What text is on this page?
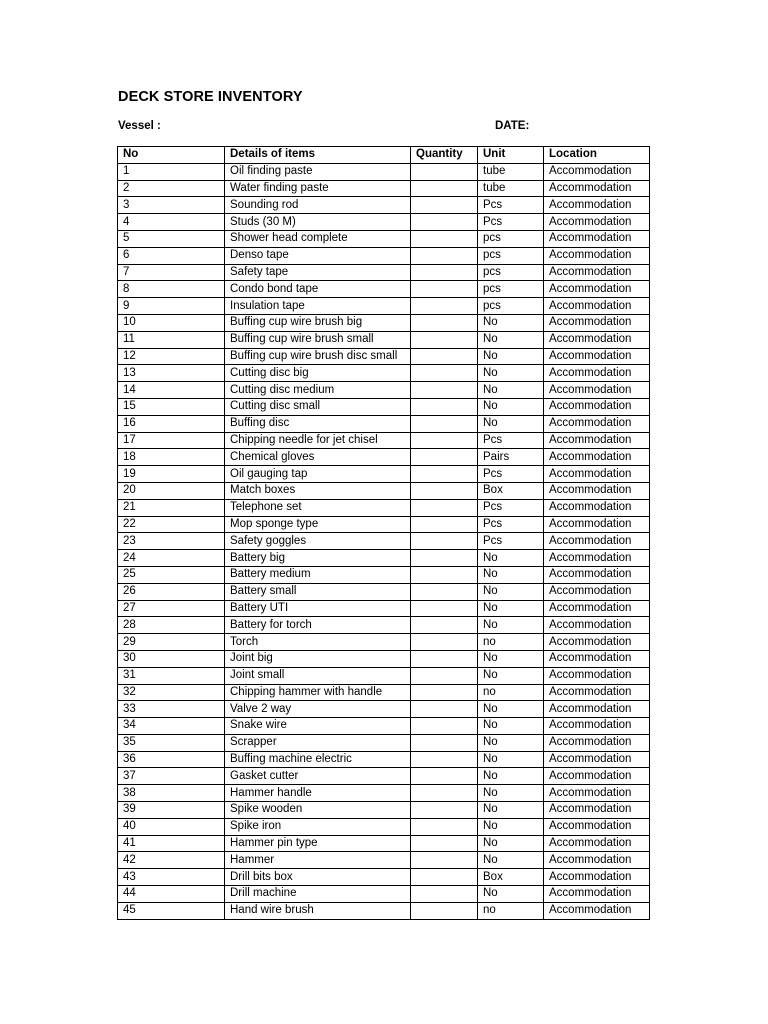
DECK STORE INVENTORY
Vessel :	DATE:
No	Details of items	Quantity	Unit	Location
1	Oil finding paste		tube	Accommodation
2	Water finding paste		tube	Accommodation
3	Sounding rod		Pcs	Accommodation
4	Studs (30 M)		Pcs	Accommodation
5	Shower head complete		pcs	Accommodation
6	Denso tape		pcs	Accommodation
7	Safety tape		pcs	Accommodation
8	Condo bond tape		pcs	Accommodation
9	Insulation tape		pcs	Accommodation
10	Buffing cup wire brush big		No	Accommodation
11	Buffing cup wire brush small		No	Accommodation
12	Buffing cup wire brush disc small		No	Accommodation
13	Cutting disc big		No	Accommodation
14	Cutting disc medium		No	Accommodation
15	Cutting disc small		No	Accommodation
16	Buffing disc		No	Accommodation
17	Chipping needle for jet chisel		Pcs	Accommodation
18	Chemical gloves		Pairs	Accommodation
19	Oil gauging tap		Pcs	Accommodation
20	Match boxes		Box	Accommodation
21	Telephone set		Pcs	Accommodation
22	Mop sponge type		Pcs	Accommodation
23	Safety goggles		Pcs	Accommodation
24	Battery big		No	Accommodation
25	Battery medium		No	Accommodation
26	Battery small		No	Accommodation
27	Battery UTI		No	Accommodation
28	Battery for torch		No	Accommodation
29	Torch		no	Accommodation
30	Joint big		No	Accommodation
31	Joint small		No	Accommodation
32	Chipping hammer with handle		no	Accommodation
33	Valve 2 way		No	Accommodation
34	Snake wire		No	Accommodation
35	Scrapper		No	Accommodation
36	Buffing machine electric		No	Accommodation
37	Gasket cutter		No	Accommodation
38	Hammer handle		No	Accommodation
39	Spike wooden		No	Accommodation
40	Spike iron		No	Accommodation
41	Hammer pin type		No	Accommodation
42	Hammer		No	Accommodation
43	Drill bits box		Box	Accommodation
44	Drill machine		No	Accommodation
45	Hand wire brush		no	Accommodation
